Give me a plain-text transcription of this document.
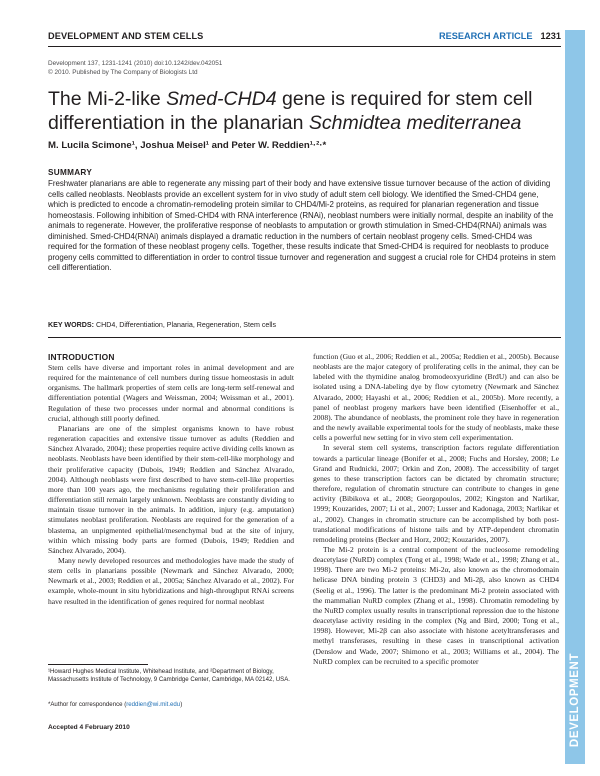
DEVELOPMENT AND STEM CELLS	RESEARCH ARTICLE 1231
DEVELOPMENT
Development 137, 1231-1241 (2010) doi:10.1242/dev.042051
© 2010. Published by The Company of Biologists Ltd
The Mi-2-like Smed-CHD4 gene is required for stem cell differentiation in the planarian Schmidtea mediterranea
M. Lucila Scimone¹, Joshua Meisel¹ and Peter W. Reddien¹·²·*
SUMMARY
Freshwater planarians are able to regenerate any missing part of their body and have extensive tissue turnover because of the action of dividing cells called neoblasts. Neoblasts provide an excellent system for in vivo study of adult stem cell biology. We identified the Smed-CHD4 gene, which is predicted to encode a chromatin-remodeling protein similar to CHD4/Mi-2 proteins, as required for planarian regeneration and tissue homeostasis. Following inhibition of Smed-CHD4 with RNA interference (RNAi), neoblast numbers were initially normal, despite an inability of the animals to regenerate. However, the proliferative response of neoblasts to amputation or growth stimulation in Smed-CHD4(RNAi) animals was diminished. Smed-CHD4(RNAi) animals displayed a dramatic reduction in the numbers of certain neoblast progeny cells. Smed-CHD4 was required for the formation of these neoblast progeny cells. Together, these results indicate that Smed-CHD4 is required for neoblasts to produce progeny cells committed to differentiation in order to control tissue turnover and regeneration and suggest a crucial role for CHD4 proteins in stem cell differentiation.
KEY WORDS: CHD4, Differentiation, Planaria, Regeneration, Stem cells
INTRODUCTION

Stem cells have diverse and important roles in animal development and are required for the maintenance of cell numbers during tissue homeostasis in adult organisms. The hallmark properties of stem cells are long-term self-renewal and differentiation potential (Wagers and Weissman, 2004; Weissman et al., 2001). Regulation of these two processes under normal and abnormal conditions is crucial, although still poorly defined.

Planarians are one of the simplest organisms known to have robust regeneration capacities and extensive tissue turnover as adults (Reddien and Sánchez Alvarado, 2004); these properties require active dividing cells known as neoblasts. Neoblasts have been identified by their stem-cell-like morphology and their proliferative capacity (Dubois, 1949; Reddien and Sánchez Alvarado, 2004). Although neoblasts were first described to have stem-cell-like properties more than 100 years ago, the mechanisms regulating their proliferation and differentiation still remain largely unknown. Neoblasts are constantly dividing to maintain tissue turnover in the animals. In addition, injury (e.g. amputation) stimulates neoblast proliferation. Neoblasts are required for the generation of a blastema, an unpigmented epithelial/mesenchymal bud at the site of injury, within which missing body parts are formed (Dubois, 1949; Reddien and Sánchez Alvarado, 2004).

Many newly developed resources and methodologies have made the study of stem cells in planarians possible (Newmark and Sánchez Alvarado, 2000; Newmark et al., 2003; Reddien et al., 2005a; Sánchez Alvarado et al., 2002). For example, whole-mount in situ hybridizations and high-throughput RNAi screens have resulted in the identification of genes required for normal neoblast

function (Guo et al., 2006; Reddien et al., 2005a; Reddien et al., 2005b). Because neoblasts are the major category of proliferating cells in the animal, they can be labeled with the thymidine analog bromodeoxyuridine (BrdU) and can also be isolated using a DNA-labeling dye by flow cytometry (Newmark and Sánchez Alvarado, 2000; Hayashi et al., 2006; Reddien et al., 2005b). More recently, a panel of neoblast progeny markers have been identified (Eisenhoffer et al., 2008). The abundance of neoblasts, the prominent role they have in regeneration and the newly available experimental tools for the study of neoblasts, make these cells a powerful new setting for in vivo stem cell experimentation.

In several stem cell systems, transcription factors regulate differentiation towards a particular lineage (Bonifer et al., 2008; Fuchs and Horsley, 2008; Le Grand and Rudnicki, 2007; Orkin and Zon, 2008). The accessibility of target genes to these transcription factors can be dictated by chromatin structure; therefore, regulation of chromatin structure can contribute to changes in gene activity (Bibikova et al., 2008; Georgopoulos, 2002; Kingston and Narlikar, 1999; Kouzarides, 2007; Li et al., 2007; Lusser and Kadonaga, 2003; Narlikar et al., 2002). Changes in chromatin structure can be accomplished by both post-translational modifications of histone tails and by ATP-dependent chromatin remodeling proteins (Becker and Horz, 2002; Kouzarides, 2007).

The Mi-2 protein is a central component of the nucleosome remodeling deacetylase (NuRD) complex (Tong et al., 1998; Wade et al., 1998; Zhang et al., 1998). There are two Mi-2 proteins: Mi-2α, also known as the chromodomain helicase DNA binding protein 3 (CHD3) and Mi-2β, also known as CHD4 (Seelig et al., 1996). The latter is the predominant Mi-2 protein associated with the mammalian NuRD complex (Zhang et al., 1998). Chromatin remodeling by the NuRD complex usually results in transcriptional repression due to the histone deacetylase activity residing in the complex (Ng and Bird, 2000; Tong et al., 1998). However, Mi-2β can also associate with histone acetyltransferases and methyl transferases, resulting in these cases in transcriptional activation (Denslow and Wade, 2007; Shimono et al., 2003; Williams et al., 2004). The NuRD complex can be recruited to a specific promoter

¹Howard Hughes Medical Institute, Whitehead Institute, and ²Department of Biology, Massachusetts Institute of Technology, 9 Cambridge Center, Cambridge, MA 02142, USA.
*Author for correspondence (reddien@wi.mit.edu)
Accepted 4 February 2010
